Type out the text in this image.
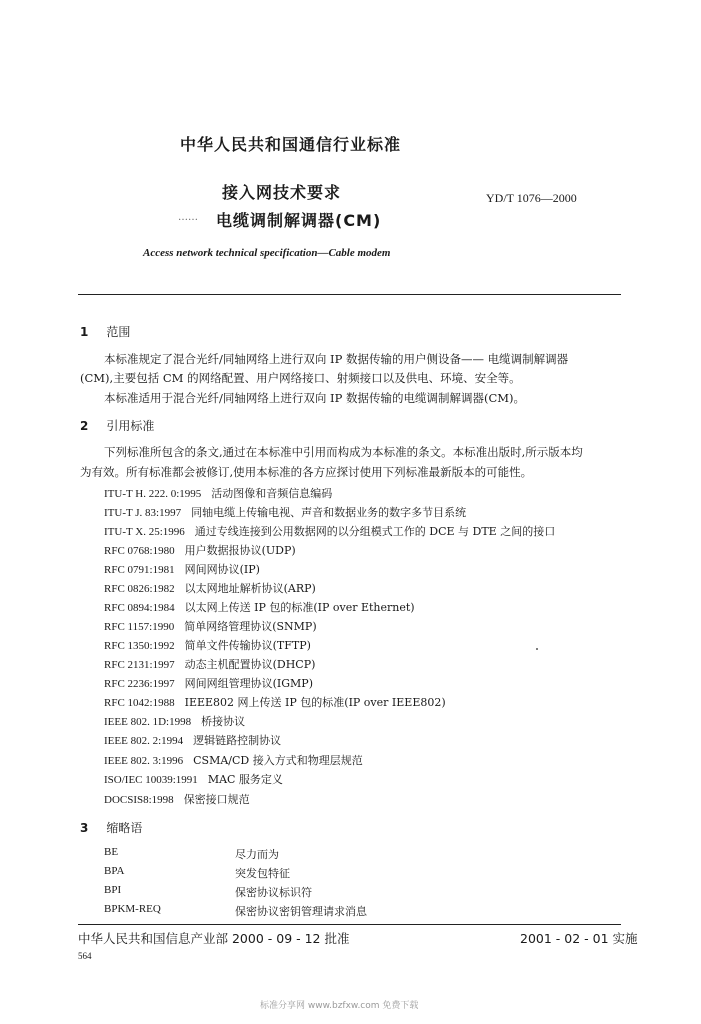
中华人民共和国通信行业标准
接入网技术要求
…… 电缆调制解调器(CM)
YD/T 1076—2000
Access network technical specification—Cable modem
1 范围
本标准规定了混合光纤/同轴网络上进行双向 IP 数据传输的用户侧设备—— 电缆调制解调器
(CM),主要包括 CM 的网络配置、用户网络接口、射频接口以及供电、环境、安全等。
本标准适用于混合光纤/同轴网络上进行双向 IP 数据传输的电缆调制解调器(CM)。
2 引用标准
下列标准所包含的条文,通过在本标准中引用而构成为本标准的条文。本标准出版时,所示版本均
为有效。所有标准都会被修订,使用本标准的各方应探讨使用下列标准最新版本的可能性。
ITU-T H. 222. 0:1995 活动图像和音频信息编码
ITU-T J. 83:1997 同轴电缆上传输电视、声音和数据业务的数字多节目系统
ITU-T X. 25:1996 通过专线连接到公用数据网的以分组模式工作的 DCE 与 DTE 之间的接口
RFC 0768:1980 用户数据报协议(UDP)
RFC 0791:1981 网间网协议(IP)
RFC 0826:1982 以太网地址解析协议(ARP)
RFC 0894:1984 以太网上传送 IP 包的标准(IP over Ethernet)
RFC 1157:1990 简单网络管理协议(SNMP)
RFC 1350:1992 简单文件传输协议(TFTP)
RFC 2131:1997 动态主机配置协议(DHCP)
RFC 2236:1997 网间网组管理协议(IGMP)
RFC 1042:1988 IEEE802 网上传送 IP 包的标准(IP over IEEE802)
IEEE 802. 1D:1998 桥接协议
IEEE 802. 2:1994 逻辑链路控制协议
IEEE 802. 3:1996 CSMA/CD 接入方式和物理层规范
ISO/IEC 10039:1991 MAC 服务定义
DOCSIS8:1998 保密接口规范
3 缩略语
BE	尽力而为
BPA	突发包特征
BPI	保密协议标识符
BPKM-REQ	保密协议密钥管理请求消息
中华人民共和国信息产业部 2000 - 09 - 12 批准	2001 - 02 - 01 实施
564
标准分享网 www.bzfxw.com 免费下载
